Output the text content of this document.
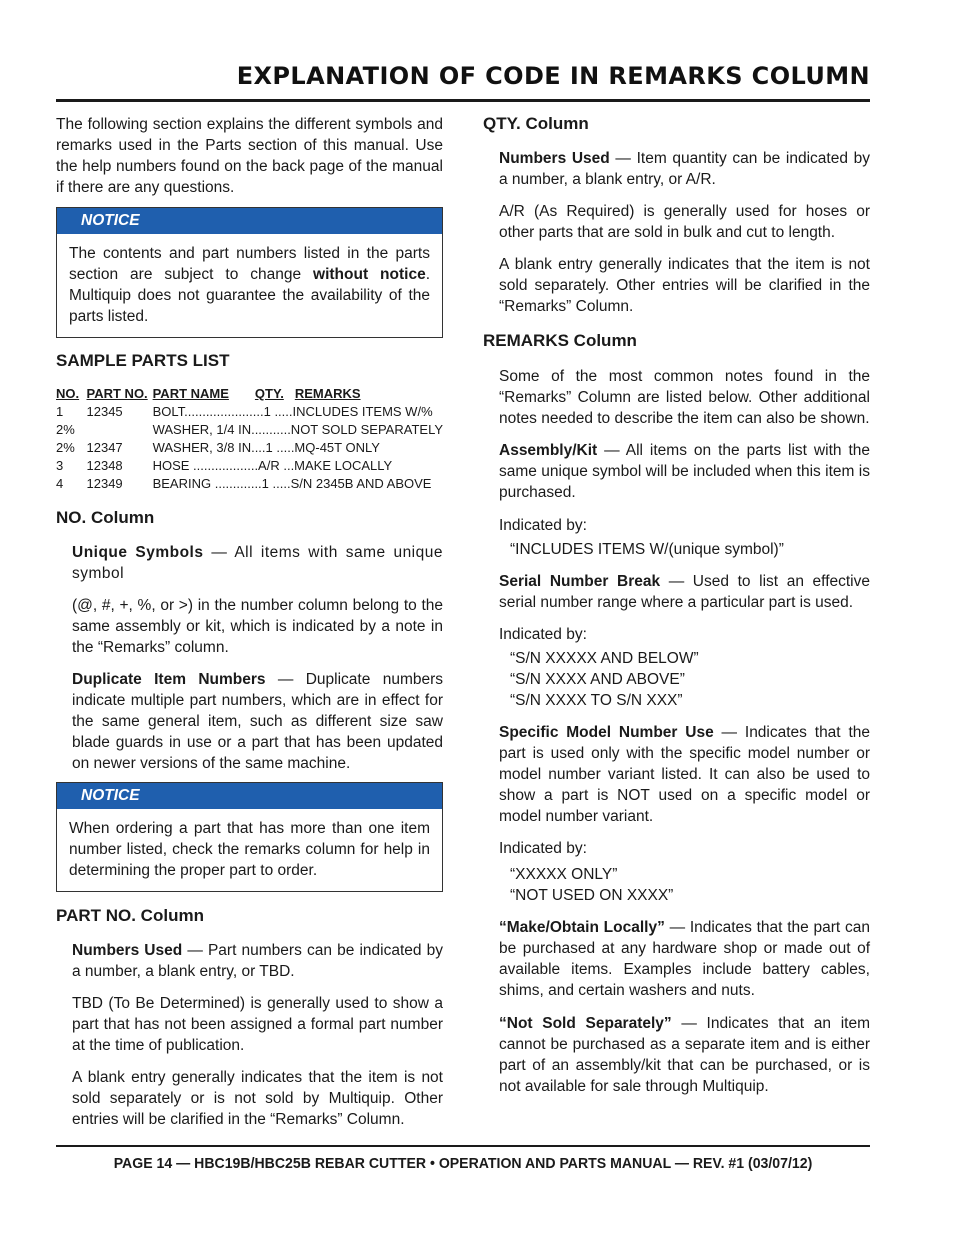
EXPLANATION OF CODE IN REMARKS COLUMN

The following section explains the different symbols and remarks used in the Parts section of this manual. Use the help numbers found on the back page of the manual if there are any questions.

NOTICE
The contents and part numbers listed in the parts section are subject to change without notice. Multiquip does not guarantee the availability of the parts listed.
SAMPLE PARTS LIST
NO.	PART NO.	PART NAME QTY. REMARKS
1	12345	BOLT......................1 .....INCLUDES ITEMS W/%
2%		WASHER, 1/4 IN...........NOT SOLD SEPARATELY
2%	12347	WASHER, 3/8 IN....1 .....MQ-45T ONLY
3	12348	HOSE ..................A/R ...MAKE LOCALLY
4	12349	BEARING .............1 .....S/N 2345B AND ABOVE
NO. Column

Unique Symbols — All items with same unique symbol

(@, #, +, %, or >) in the number column belong to the same assembly or kit, which is indicated by a note in the “Remarks” column.

Duplicate Item Numbers — Duplicate numbers indicate multiple part numbers, which are in effect for the same general item, such as different size saw blade guards in use or a part that has been updated on newer versions of the same machine.

NOTICE
When ordering a part that has more than one item number listed, check the remarks column for help in determining the proper part to order.
PART NO. Column

Numbers Used — Part numbers can be indicated by a number, a blank entry, or TBD.

TBD (To Be Determined) is generally used to show a part that has not been assigned a formal part number at the time of publication.

A blank entry generally indicates that the item is not sold separately or is not sold by Multiquip. Other entries will be clarified in the “Remarks” Column.

QTY. Column

Numbers Used — Item quantity can be indicated by a number, a blank entry, or A/R.

A/R (As Required) is generally used for hoses or other parts that are sold in bulk and cut to length.

A blank entry generally indicates that the item is not sold separately. Other entries will be clarified in the “Remarks” Column.

REMARKS Column

Some of the most common notes found in the “Remarks” Column are listed below. Other additional notes needed to describe the item can also be shown.

Assembly/Kit — All items on the parts list with the same unique symbol will be included when this item is purchased.

Indicated by:

“INCLUDES ITEMS W/(unique symbol)”

Serial Number Break — Used to list an effective serial number range where a particular part is used.

Indicated by:

“S/N XXXXX AND BELOW”

“S/N XXXX AND ABOVE”

“S/N XXXX TO S/N XXX”

Specific Model Number Use — Indicates that the part is used only with the specific model number or model number variant listed. It can also be used to show a part is NOT used on a specific model or model number variant.

Indicated by:

“XXXXX ONLY”

“NOT USED ON XXXX”

“Make/Obtain Locally” — Indicates that the part can be purchased at any hardware shop or made out of available items. Examples include battery cables, shims, and certain washers and nuts.

“Not Sold Separately” — Indicates that an item cannot be purchased as a separate item and is either part of an assembly/kit that can be purchased, or is not available for sale through Multiquip.

PAGE 14 — HBC19B/HBC25B REBAR CUTTER • OPERATION AND PARTS MANUAL — REV. #1 (03/07/12)
